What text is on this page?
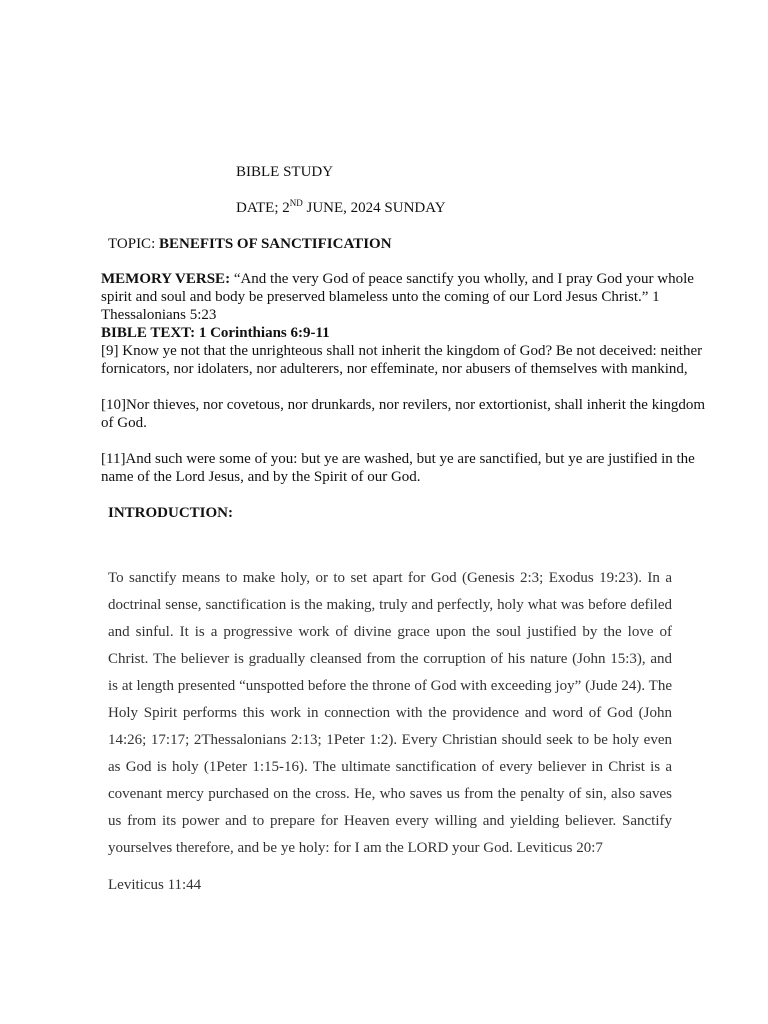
BIBLE STUDY
DATE; 2ND JUNE, 2024 SUNDAY
TOPIC: BENEFITS OF SANCTIFICATION
MEMORY VERSE: “And the very God of peace sanctify you wholly, and I pray God your whole spirit and soul and body be preserved blameless unto the coming of our Lord Jesus Christ.” 1 Thessalonians 5:23
BIBLE TEXT: 1 Corinthians 6:9-11
[9] Know ye not that the unrighteous shall not inherit the kingdom of God? Be not deceived: neither fornicators, nor idolaters, nor adulterers, nor effeminate, nor abusers of themselves with mankind,
[10]Nor thieves, nor covetous, nor drunkards, nor revilers, nor extortionist, shall inherit the kingdom of God.
[11]And such were some of you: but ye are washed, but ye are sanctified, but ye are justified in the name of the Lord Jesus, and by the Spirit of our God.
INTRODUCTION:
To sanctify means to make holy, or to set apart for God (Genesis 2:3; Exodus 19:23). In a doctrinal sense, sanctification is the making, truly and perfectly, holy what was before defiled and sinful. It is a progressive work of divine grace upon the soul justified by the love of Christ. The believer is gradually cleansed from the corruption of his nature (John 15:3), and is at length presented “unspotted before the throne of God with exceeding joy” (Jude 24). The Holy Spirit performs this work in connection with the providence and word of God (John 14:26; 17:17; 2Thessalonians 2:13; 1Peter 1:2). Every Christian should seek to be holy even as God is holy (1Peter 1:15-16). The ultimate sanctification of every believer in Christ is a covenant mercy purchased on the cross. He, who saves us from the penalty of sin, also saves us from its power and to prepare for Heaven every willing and yielding believer. Sanctify yourselves therefore, and be ye holy: for I am the LORD your God. Leviticus 20:7
Leviticus 11:44
